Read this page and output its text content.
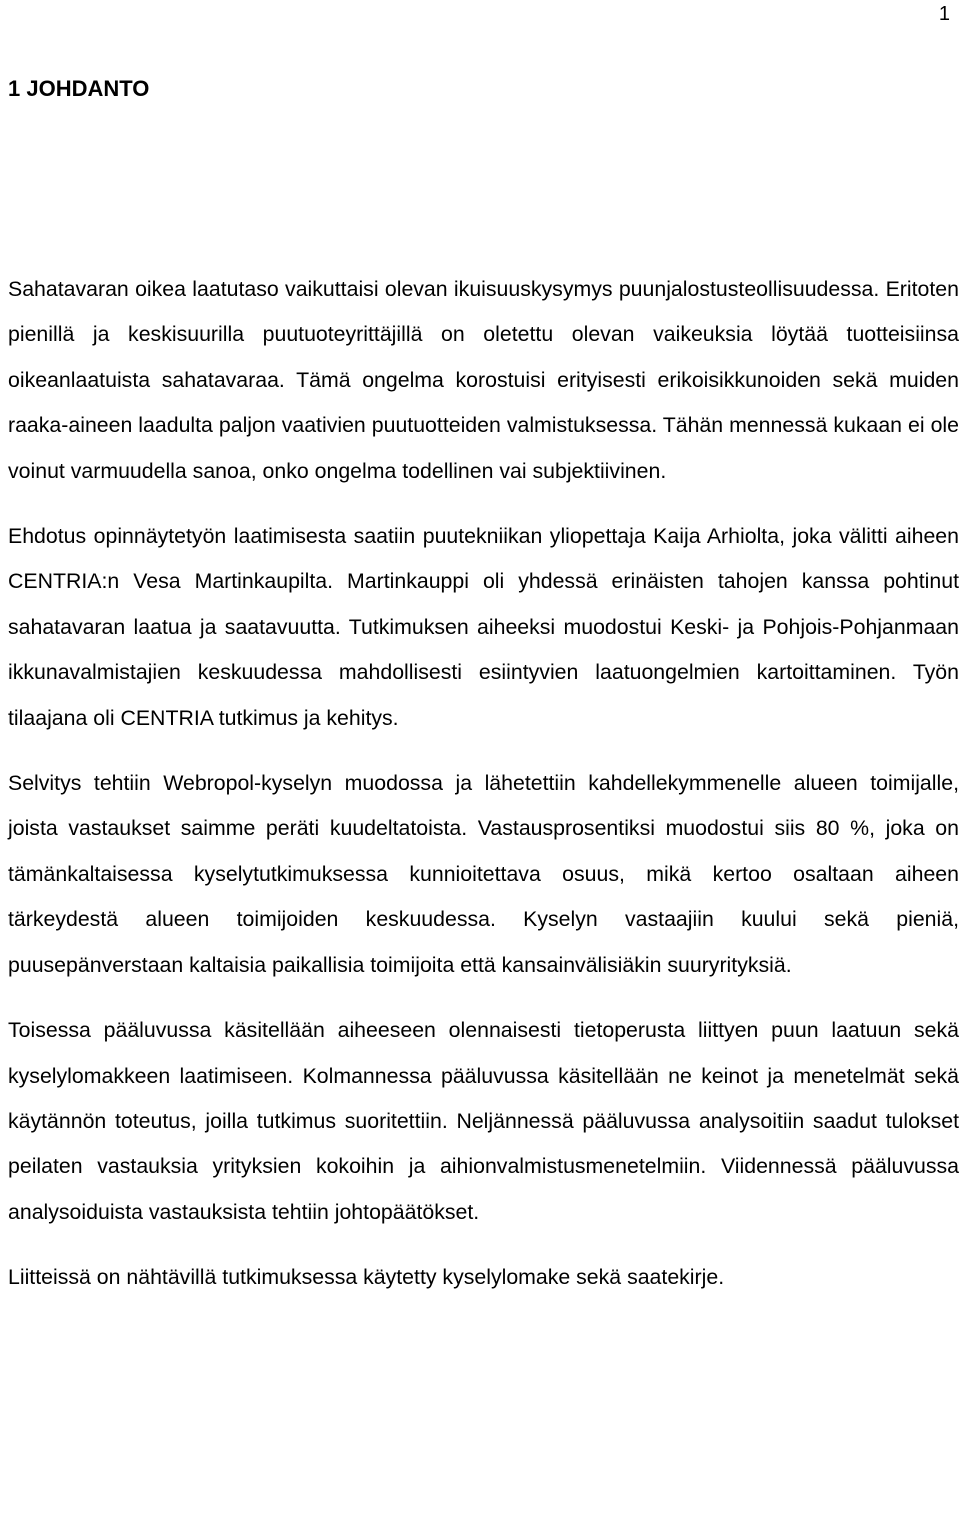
1
1 JOHDANTO

Sahatavaran oikea laatutaso vaikuttaisi olevan ikuisuuskysymys puunjalostusteollisuudessa. Eritoten pienillä ja keskisuurilla puutuoteyrittäjillä on oletettu olevan vaikeuksia löytää tuotteisiinsa oikeanlaatuista sahatavaraa. Tämä ongelma korostuisi erityisesti erikoisikkunoiden sekä muiden raaka-aineen laadulta paljon vaativien puutuotteiden valmistuksessa. Tähän mennessä kukaan ei ole voinut varmuudella sanoa, onko ongelma todellinen vai subjektiivinen.

Ehdotus opinnäytetyön laatimisesta saatiin puutekniikan yliopettaja Kaija Arhiolta, joka välitti aiheen CENTRIA:n Vesa Martinkaupilta. Martinkauppi oli yhdessä erinäisten tahojen kanssa pohtinut sahatavaran laatua ja saatavuutta. Tutkimuksen aiheeksi muodostui Keski- ja Pohjois-Pohjanmaan ikkunavalmistajien keskuudessa mahdollisesti esiintyvien laatuongelmien kartoittaminen. Työn tilaajana oli CENTRIA tutkimus ja kehitys.

Selvitys tehtiin Webropol-kyselyn muodossa ja lähetettiin kahdellekymmenelle alueen toimijalle, joista vastaukset saimme peräti kuudeltatoista. Vastausprosentiksi muodostui siis 80 %, joka on tämänkaltaisessa kyselytutkimuksessa kunnioitettava osuus, mikä kertoo osaltaan aiheen tärkeydestä alueen toimijoiden keskuudessa. Kyselyn vastaajiin kuului sekä pieniä, puusepänverstaan kaltaisia paikallisia toimijoita että kansainvälisiäkin suuryrityksiä.

Toisessa pääluvussa käsitellään aiheeseen olennaisesti tietoperusta liittyen puun laatuun sekä kyselylomakkeen laatimiseen. Kolmannessa pääluvussa käsitellään ne keinot ja menetelmät sekä käytännön toteutus, joilla tutkimus suoritettiin. Neljännessä pääluvussa analysoitiin saadut tulokset peilaten vastauksia yrityksien kokoihin ja aihionvalmistusmenetelmiin. Viidennessä pääluvussa analysoiduista vastauksista tehtiin johtopäätökset.

Liitteissä on nähtävillä tutkimuksessa käytetty kyselylomake sekä saatekirje.
